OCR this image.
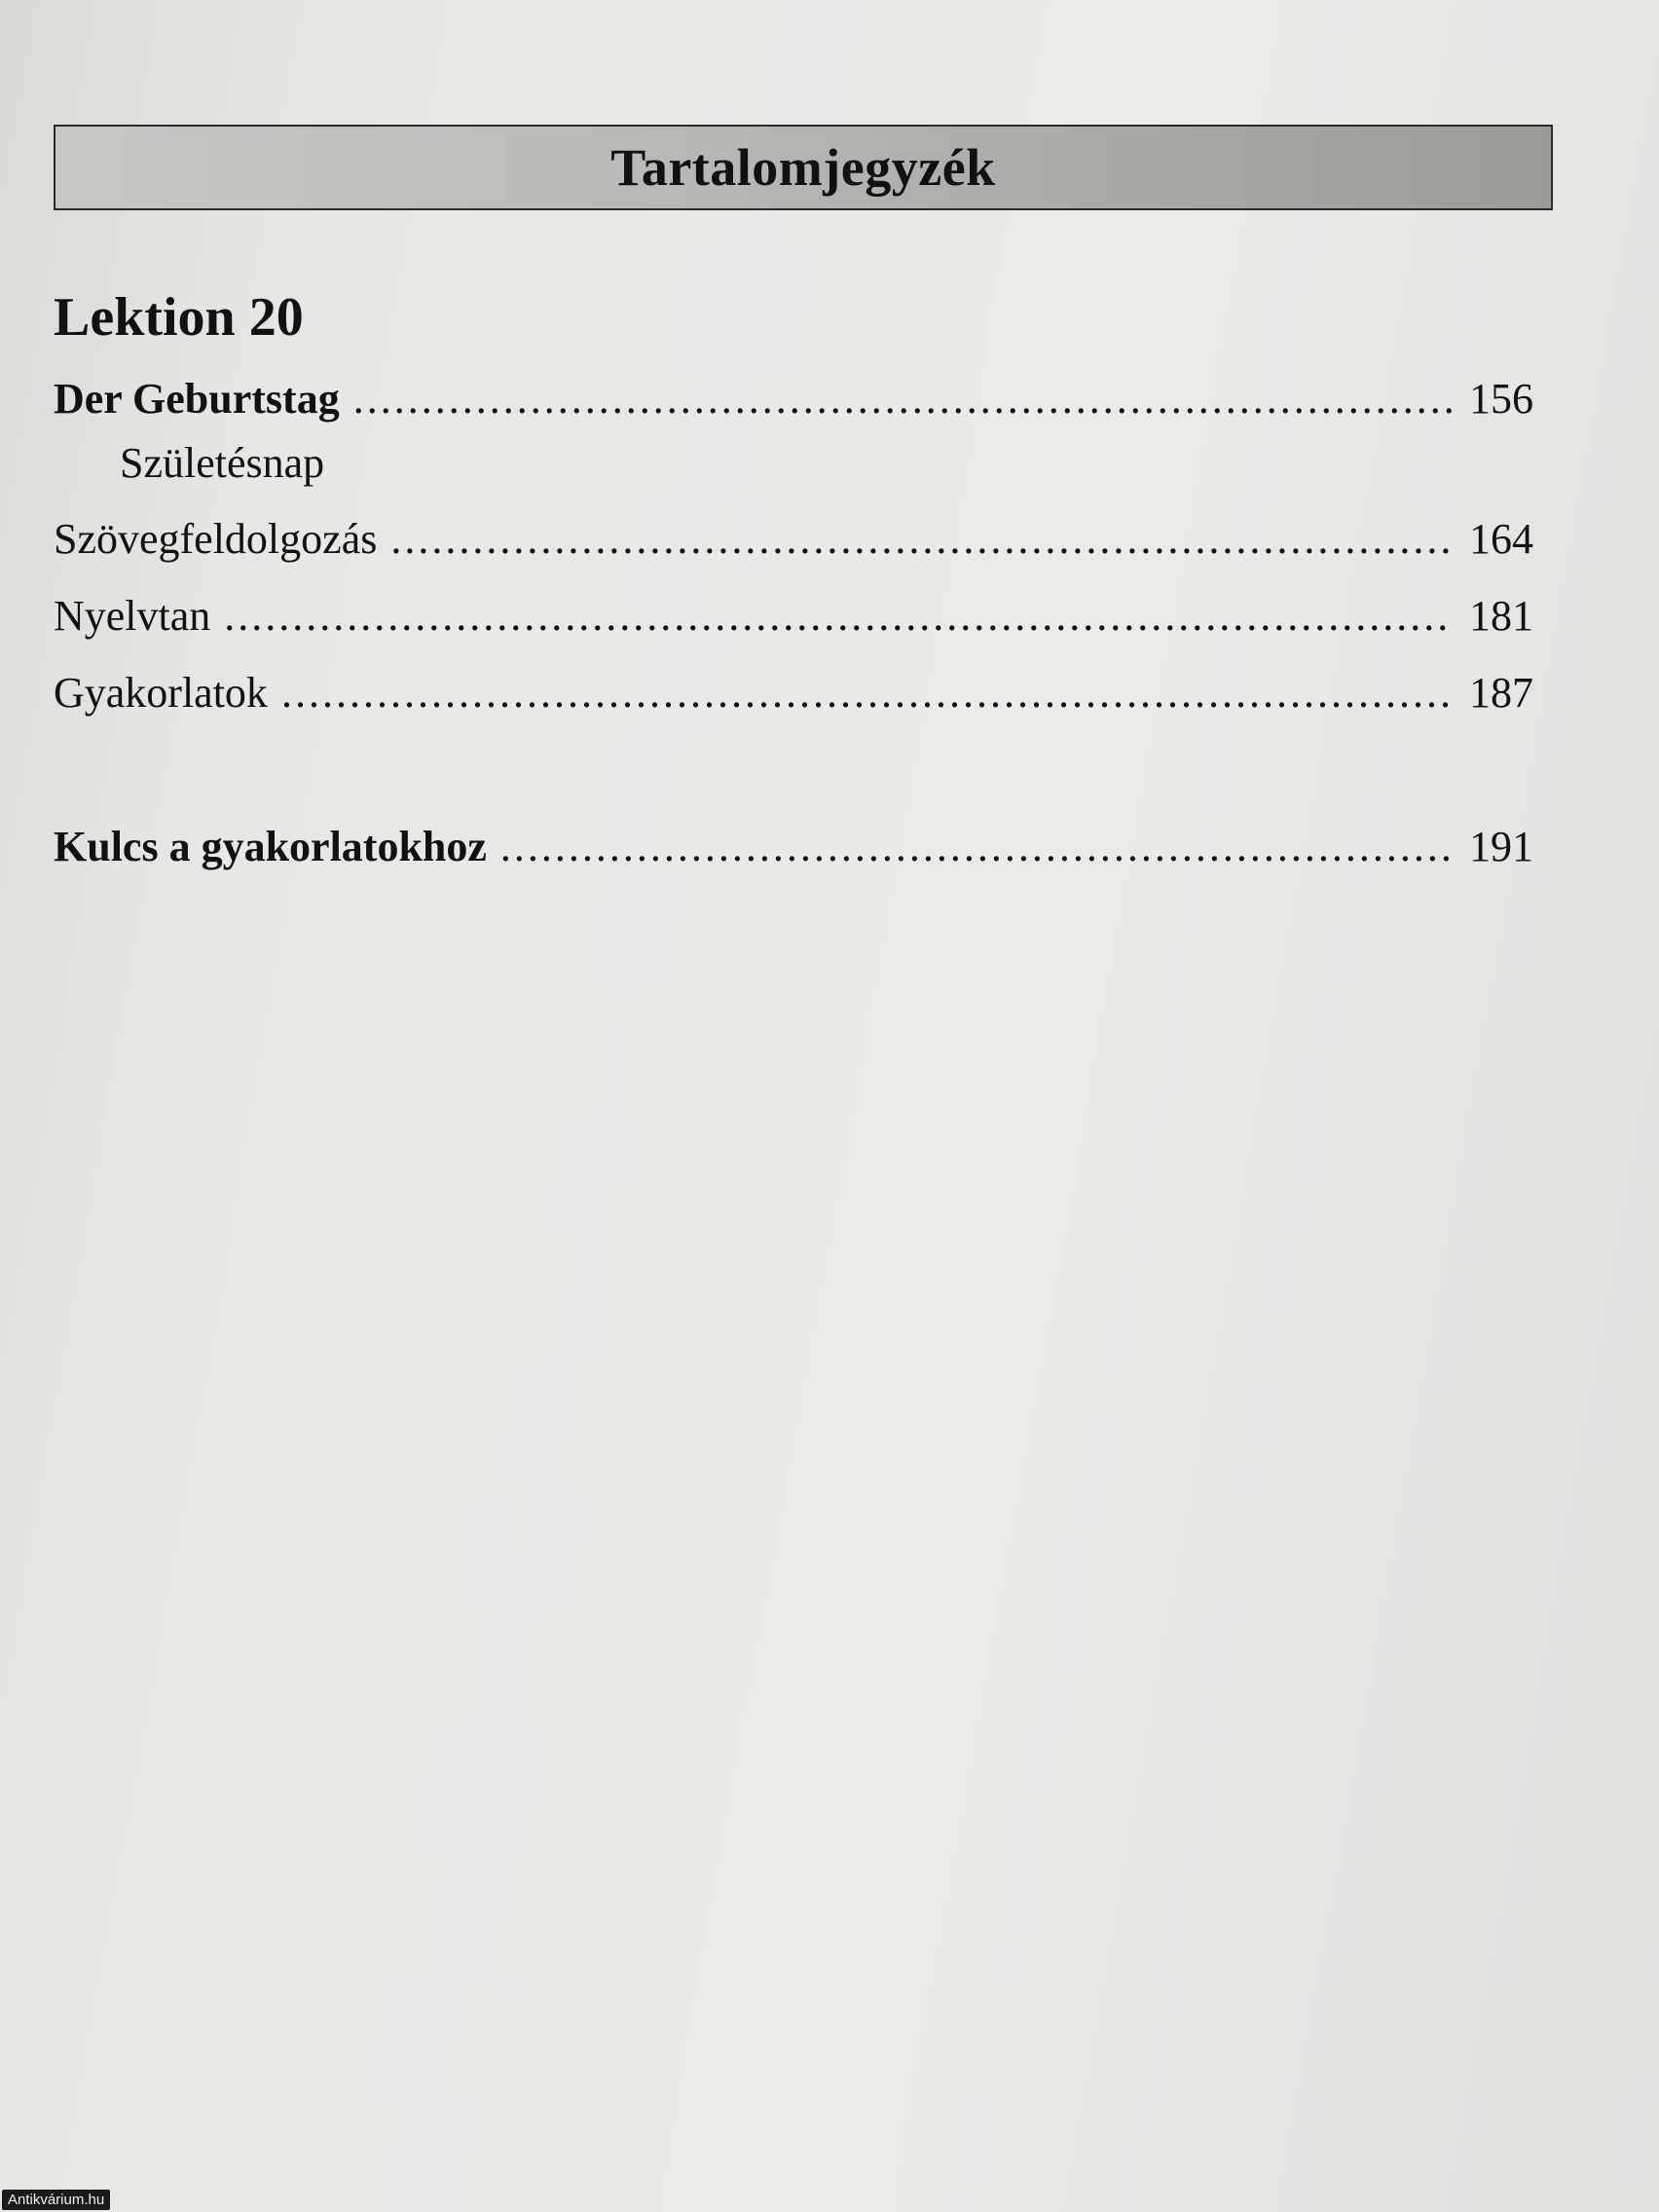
Tartalomjegyzék
Lektion 20
Der Geburtstag .....	156
Születésnap
Szövegfeldolgozás .....	164
Nyelvtan .....	181
Gyakorlatok .....	187
Kulcs a gyakorlatokhoz .....	191
Antikvárium.hu
